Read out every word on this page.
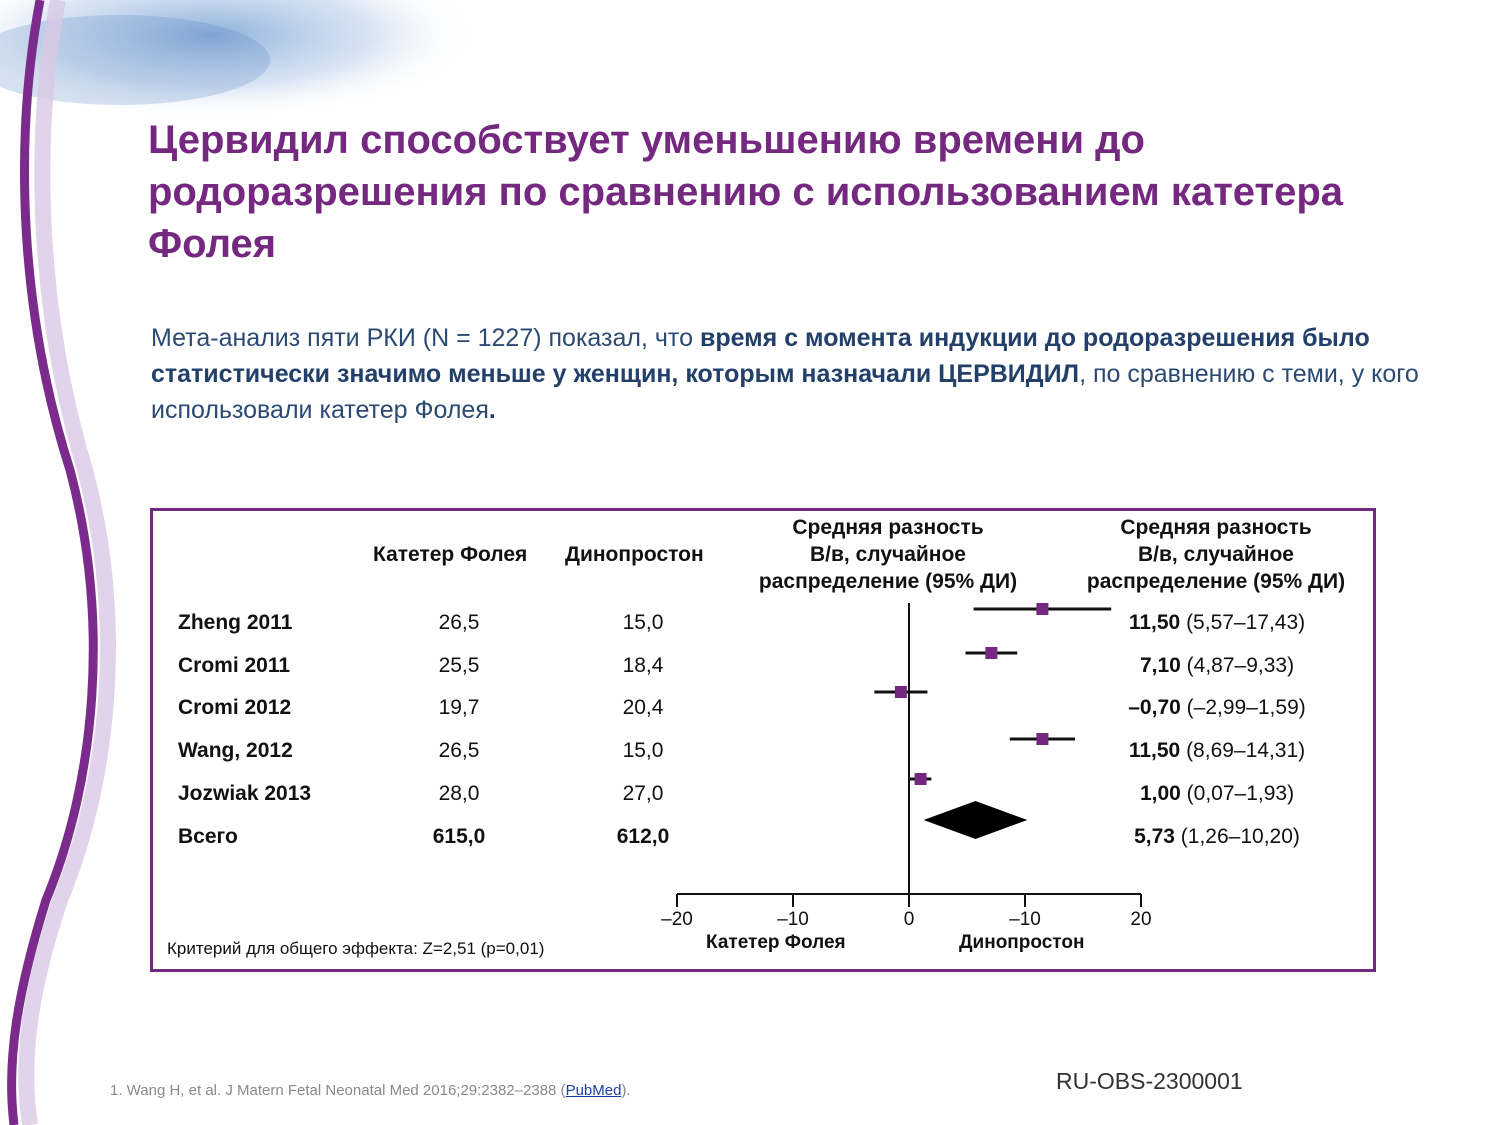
Цервидил способствует уменьшению времени до родоразрешения по сравнению с использованием катетера Фолея

Мета-анализ пяти РКИ (N = 1227) показал, что время с момента индукции до родоразрешения было статистически значимо меньше у женщин, которым назначали ЦЕРВИДИЛ, по сравнению с теми, у кого использовали катетер Фолея.

Катетер Фолея Динопростон
Средняя разность
В/в, случайное
распределение (95% ДИ)
Средняя разность
В/в, случайное
распределение (95% ДИ)
Zheng 2011	26,5	15,0	11,50 (5,57–17,43)
Cromi 2011	25,5	18,4	7,10 (4,87–9,33)
Cromi 2012	19,7	20,4	–0,70 (–2,99–1,59)
Wang, 2012	26,5	15,0	11,50 (8,69–14,31)
Jozwiak 2013	28,0	27,0	1,00 (0,07–1,93)
Всего	615,0	612,0	5,73 (1,26–10,20)
–20	–10	0	–10	20
Катетер Фолея	Динопростон
Критерий для общего эффекта: Z=2,51 (p=0,01)
1. Wang H, et al. J Matern Fetal Neonatal Med 2016;29:2382–2388 (PubMed).	RU-OBS-2300001
